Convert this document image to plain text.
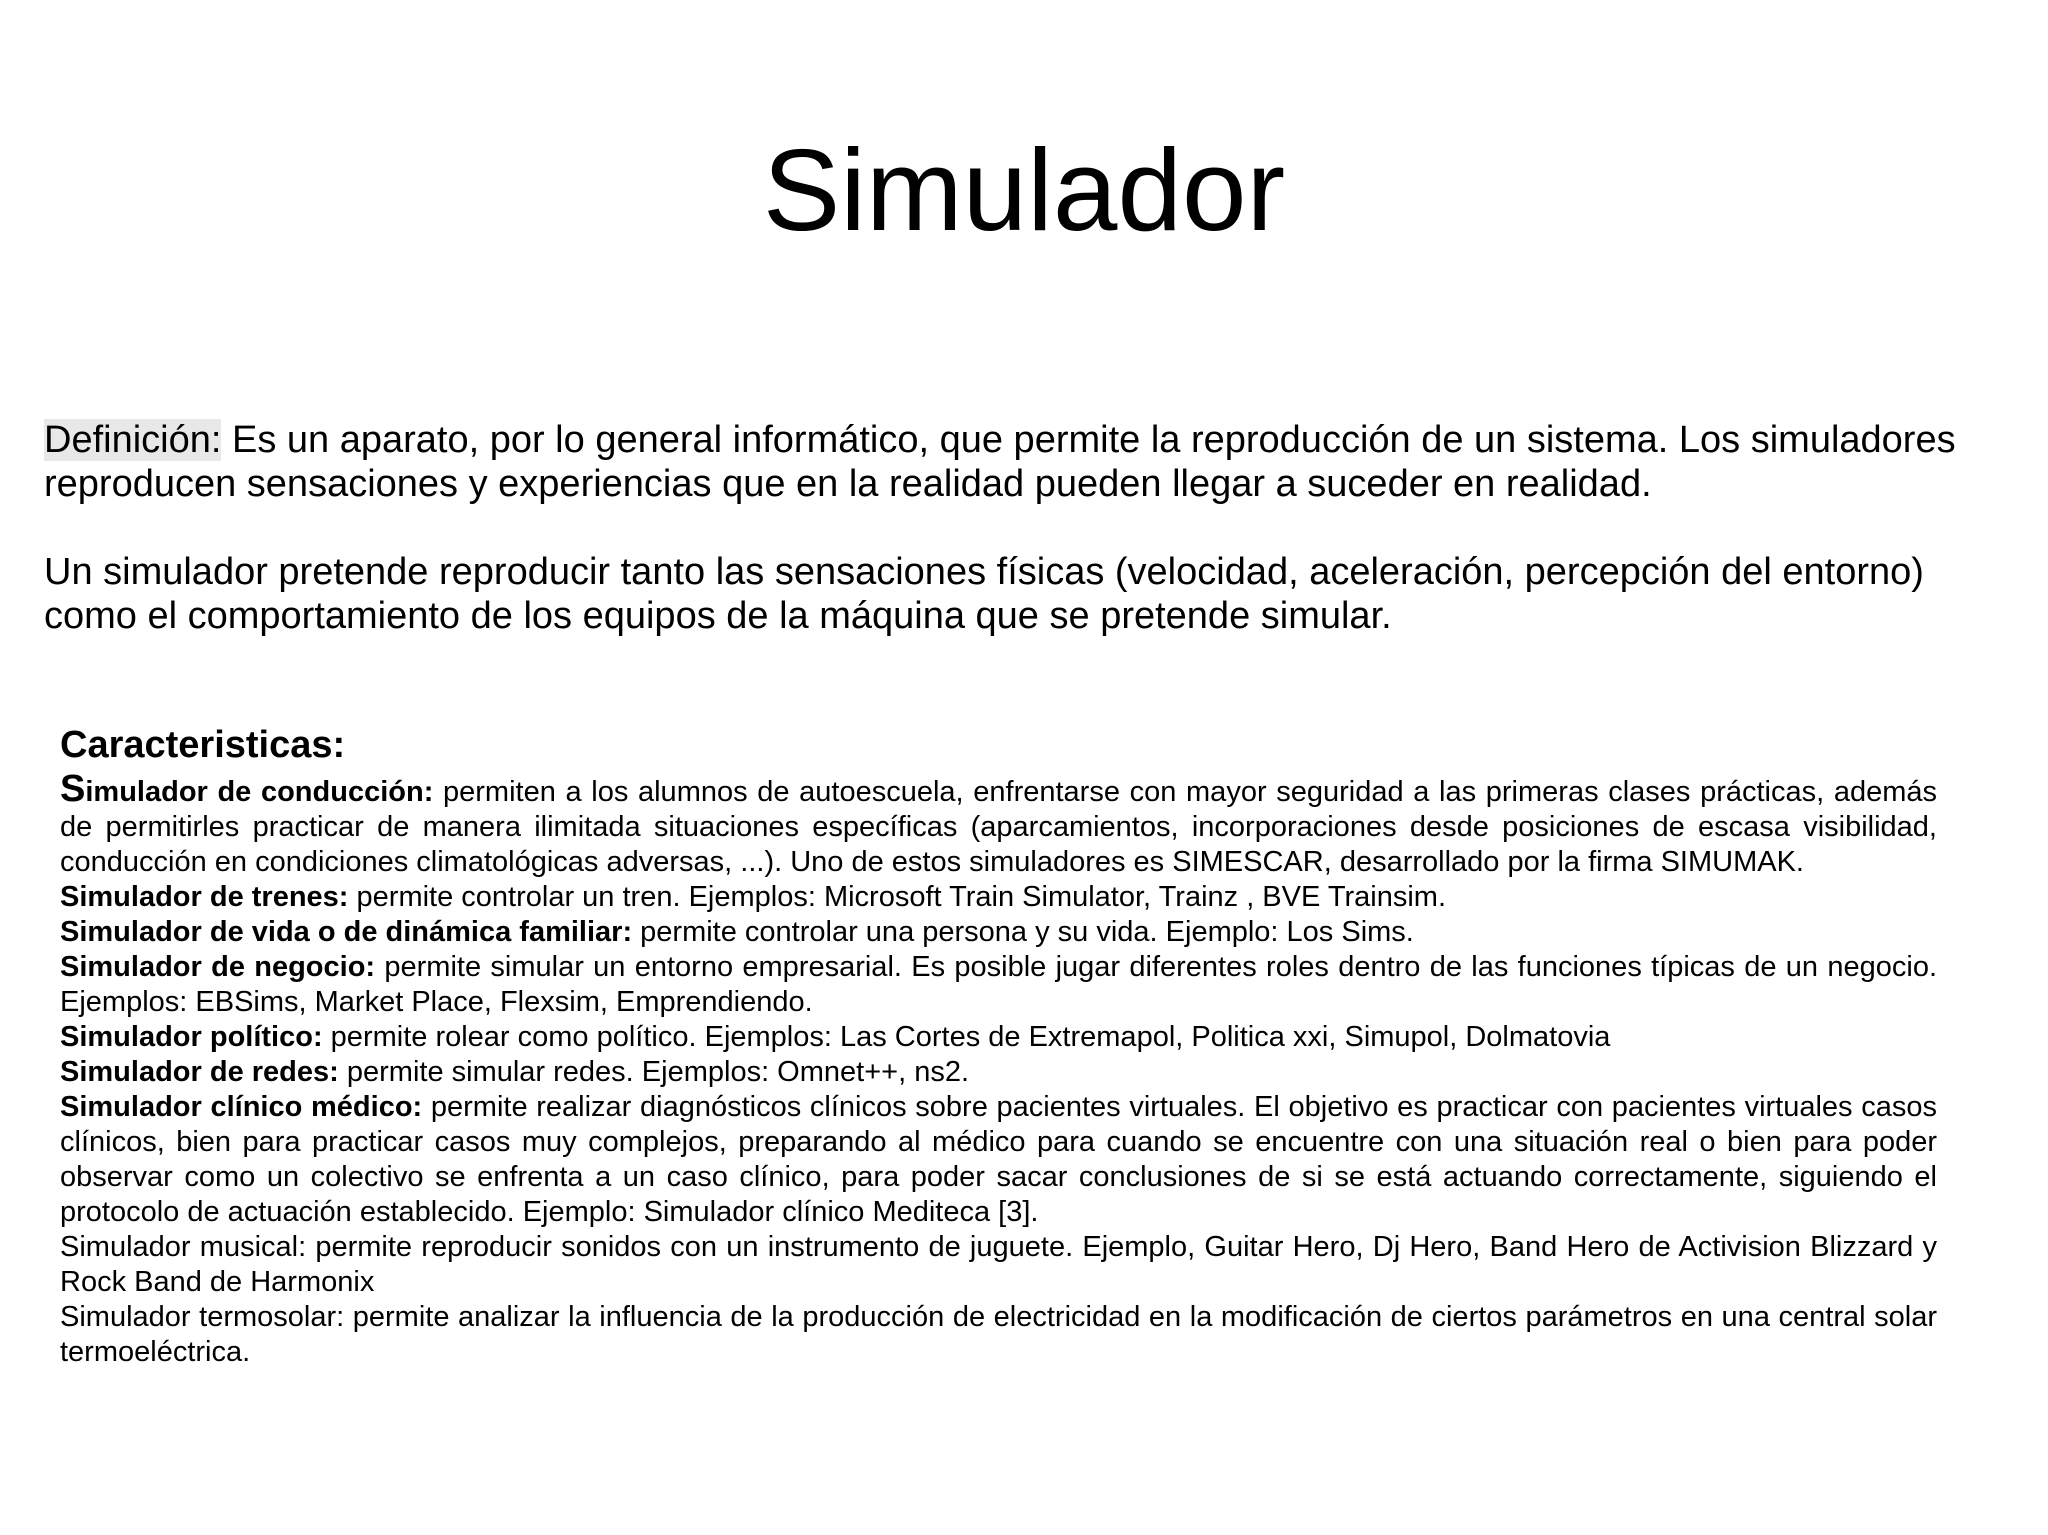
Simulador

Definición: Es un aparato, por lo general informático, que permite la reproducción de un sistema. Los simuladores reproducen sensaciones y experiencias que en la realidad pueden llegar a suceder en realidad.

Un simulador pretende reproducir tanto las sensaciones físicas (velocidad, aceleración, percepción del entorno) como el comportamiento de los equipos de la máquina que se pretende simular.

Caracteristicas:

Simulador de conducción: permiten a los alumnos de autoescuela, enfrentarse con mayor seguridad a las primeras clases prácticas, además de permitirles practicar de manera ilimitada situaciones específicas (aparcamientos, incorporaciones desde posiciones de escasa visibilidad, conducción en condiciones climatológicas adversas, ...). Uno de estos simuladores es SIMESCAR, desarrollado por la firma SIMUMAK.

Simulador de trenes: permite controlar un tren. Ejemplos: Microsoft Train Simulator, Trainz , BVE Trainsim.

Simulador de vida o de dinámica familiar: permite controlar una persona y su vida. Ejemplo: Los Sims.

Simulador de negocio: permite simular un entorno empresarial. Es posible jugar diferentes roles dentro de las funciones típicas de un negocio. Ejemplos: EBSims, Market Place, Flexsim, Emprendiendo.

Simulador político: permite rolear como político. Ejemplos: Las Cortes de Extremapol, Politica xxi, Simupol, Dolmatovia

Simulador de redes: permite simular redes. Ejemplos: Omnet++, ns2.

Simulador clínico médico: permite realizar diagnósticos clínicos sobre pacientes virtuales. El objetivo es practicar con pacientes virtuales casos clínicos, bien para practicar casos muy complejos, preparando al médico para cuando se encuentre con una situación real o bien para poder observar como un colectivo se enfrenta a un caso clínico, para poder sacar conclusiones de si se está actuando correctamente, siguiendo el protocolo de actuación establecido. Ejemplo: Simulador clínico Mediteca [3].

Simulador musical: permite reproducir sonidos con un instrumento de juguete. Ejemplo, Guitar Hero, Dj Hero, Band Hero de Activision Blizzard y Rock Band de Harmonix

Simulador termosolar: permite analizar la influencia de la producción de electricidad en la modificación de ciertos parámetros en una central solar termoeléctrica.
